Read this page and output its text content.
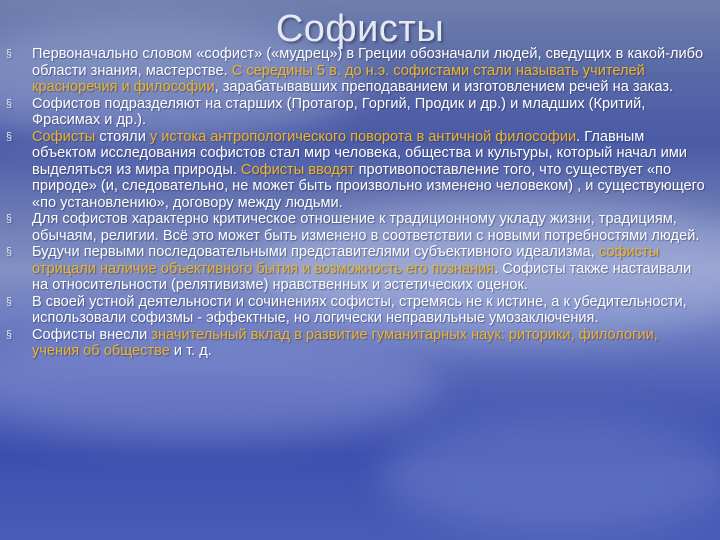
Софисты
§ Первоначально словом «софист» («мудрец») в Греции обозначали людей, сведущих в какой-либо области знания, мастерстве. С середины 5 в. до н.э. софистами стали называть учителей красноречия и философии, зарабатывавших преподаванием и изготовлением речей на заказ.
§ Софистов подразделяют на старших (Протагор, Горгий, Продик и др.) и младших (Критий, Фрасимах и др.).
§ Софисты стояли у истока антропологического поворота в античной философии. Главным объектом исследования софистов стал мир человека, общества и культуры, который начал ими выделяться из мира природы. Софисты вводят противопоставление того, что существует «по природе» (и, следовательно, не может быть произвольно изменено человеком) , и существующего «по установлению», договору между людьми.
§ Для софистов характерно критическое отношение к традиционному укладу жизни, традициям, обычаям, религии. Всё это может быть изменено в соответствии с новыми потребностями людей.
§ Будучи первыми последовательными представителями субъективного идеализма, софисты отрицали наличие объективного бытия и возможность его познания. Софисты также настаивали на относительности (релятивизме) нравственных и эстетических оценок.
§ В своей устной деятельности и сочинениях софисты, стремясь не к истине, а к убедительности, использовали софизмы - эффектные, но логически неправильные умозаключения.
§ Софисты внесли значительный вклад в развитие гуманитарных наук: риторики, филологии, учения об обществе и т. д.
